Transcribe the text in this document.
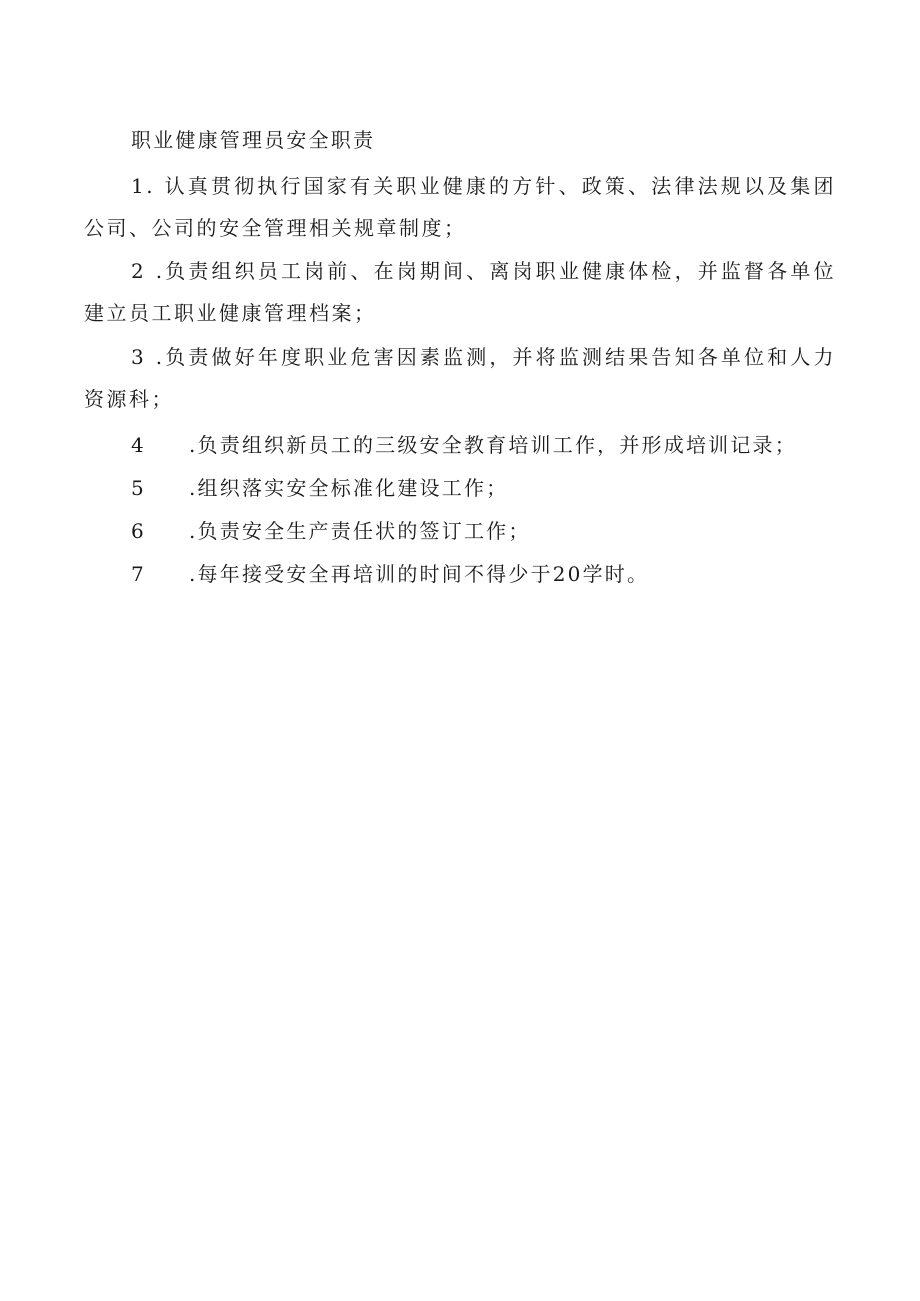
职业健康管理员安全职责
1. 认真贯彻执行国家有关职业健康的方针、政策、法律法规以及集团公司、公司的安全管理相关规章制度；
2 .负责组织员工岗前、在岗期间、离岗职业健康体检，并监督各单位建立员工职业健康管理档案；
3 .负责做好年度职业危害因素监测，并将监测结果告知各单位和人力资源科；
4 .负责组织新员工的三级安全教育培训工作，并形成培训记录；
5 .组织落实安全标准化建设工作；
6 .负责安全生产责任状的签订工作；
7 .每年接受安全再培训的时间不得少于20学时。
